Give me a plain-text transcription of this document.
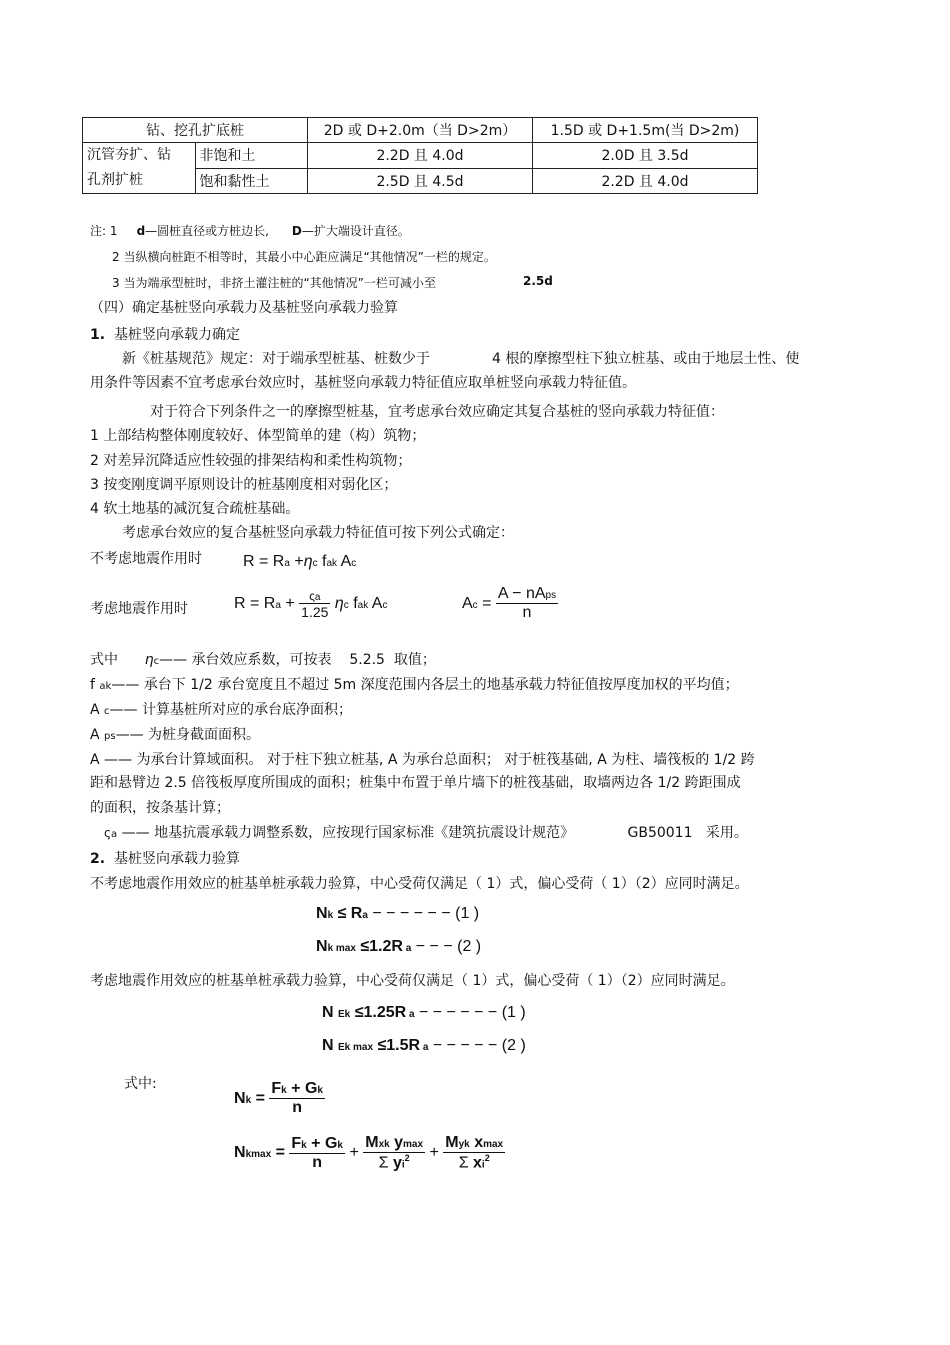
钻、挖孔扩底桩		2D 或 D+2.0m（当 D>2m）	1.5D 或 D+1.5m(当 D>2m)
沉管夯扩、钻
孔剂扩桩	非饱和土	2.2D 且 4.0d	2.0D 且 3.5d
	饱和黏性土	2.5D 且 4.5d	2.2D 且 4.0d
注: 1 d—圆桩直径或方桩边长, D—扩大端设计直径。
2 当纵横向桩距不相等时，其最小中心距应满足“其他情况”一栏的规定。
3 当为端承型桩时，非挤土灌注桩的“其他情况”一栏可减小至	2.5d
（四）确定基桩竖向承载力及基桩竖向承载力验算
1. 基桩竖向承载力确定
新《桩基规范》规定：对于端承型桩基、桩数少于	4 根的摩擦型柱下独立桩基、或由于地层土性、使
用条件等因素不宜考虑承台效应时，基桩竖向承载力特征值应取单桩竖向承载力特征值。
对于符合下列条件之一的摩擦型桩基，宜考虑承台效应确定其复合基桩的竖向承载力特征值：
1 上部结构整体刚度较好、体型简单的建（构）筑物；
2 对差异沉降适应性较强的排架结构和柔性构筑物；
3 按变刚度调平原则设计的桩基刚度相对弱化区；
4 软土地基的减沉复合疏桩基础。
考虑承台效应的复合基桩竖向承载力特征值可按下列公式确定：
不考虑地震作用时	R = Ra +ηc fak Ac
考虑地震作用时	$R = Ra + \frac{\varsigma a}{1.25}$ ηc fak Ac	$Ac = \frac{\text{A − nAps}}{n}$
式中 ηc—— 承台效应系数，可按表 5.2.5 取值；
f ak—— 承台下 1/2 承台宽度且不超过 5m 深度范围内各层土的地基承载力特征值按厚度加权的平均值；
A c—— 计算基桩所对应的承台底净面积；
A ps—— 为桩身截面面积。
A —— 为承台计算域面积。 对于柱下独立桩基, A 为承台总面积； 对于桩筏基础, A 为柱、墙筏板的 1/2 跨
距和悬臂边 2.5 倍筏板厚度所围成的面积；桩集中布置于单片墙下的桩筏基础，取墙两边各 1/2 跨距围成
的面积，按条基计算；
ςa —— 地基抗震承载力调整系数，应按现行国家标准《建筑抗震设计规范》	GB50011 采用。
2. 基桩竖向承载力验算
不考虑地震作用效应的桩基单桩承载力验算，中心受荷仅满足（ 1）式，偏心受荷（ 1）（2）应同时满足。
Nk ≤ Ra − − − − − − (1 )
Nk max ≤1.2R a − − − (2 )
考虑地震作用效应的桩基单桩承载力验算，中心受荷仅满足（ 1）式，偏心受荷（ 1）（2）应同时满足。
N Ek ≤1.25R a − − − − − − (1 )
N Ek max ≤1.5R a − − − − − (2 )
式中:
$Nk = \frac{Fk + Gk}{n}$
$Nkmax = \frac{Fk + Gk}{n} + \frac{\text{Mxk ymax}}{\Sigma yi^2} + \frac{\text{Myk xmax}}{\Sigma xi^2}$
